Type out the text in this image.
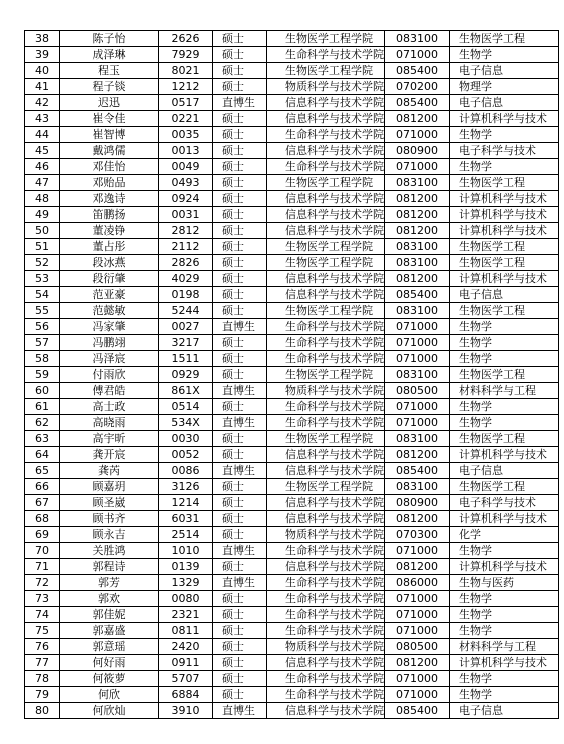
38	陈子怡	2626	硕士	生物医学工程学院	083100	生物医学工程
39	成泽琳	7929	硕士	生命科学与技术学院	071000	生物学
40	程玉	8021	硕士	生物医学工程学院	085400	电子信息
41	程子锬	1212	硕士	物质科学与技术学院	070200	物理学
42	迟迅	0517	直博生	信息科学与技术学院	085400	电子信息
43	崔令佳	0221	硕士	信息科学与技术学院	081200	计算机科学与技术
44	崔智博	0035	硕士	生命科学与技术学院	071000	生物学
45	戴鸿儒	0013	硕士	信息科学与技术学院	080900	电子科学与技术
46	邓佳怡	0049	硕士	生命科学与技术学院	071000	生物学
47	邓贻品	0493	硕士	生物医学工程学院	083100	生物医学工程
48	邓逸诗	0924	硕士	信息科学与技术学院	081200	计算机科学与技术
49	笛鹏扬	0031	硕士	信息科学与技术学院	081200	计算机科学与技术
50	董凌铮	2812	硕士	信息科学与技术学院	081200	计算机科学与技术
51	董占彤	2112	硕士	生物医学工程学院	083100	生物医学工程
52	段冰燕	2826	硕士	生物医学工程学院	083100	生物医学工程
53	段衍肇	4029	硕士	信息科学与技术学院	081200	计算机科学与技术
54	范亚豪	0198	硕士	信息科学与技术学院	085400	电子信息
55	范懿敏	5244	硕士	生物医学工程学院	083100	生物医学工程
56	冯家肇	0027	直博生	生命科学与技术学院	071000	生物学
57	冯鹏翊	3217	硕士	生命科学与技术学院	071000	生物学
58	冯泽宸	1511	硕士	生命科学与技术学院	071000	生物学
59	付雨欣	0929	硕士	生物医学工程学院	083100	生物医学工程
60	傅君皓	861X	直博生	物质科学与技术学院	080500	材料科学与工程
61	高士政	0514	硕士	生命科学与技术学院	071000	生物学
62	高晓雨	534X	直博生	生命科学与技术学院	071000	生物学
63	高宇昕	0030	硕士	生物医学工程学院	083100	生物医学工程
64	龚开宸	0052	硕士	信息科学与技术学院	081200	计算机科学与技术
65	龚芮	0086	直博生	信息科学与技术学院	085400	电子信息
66	顾嘉玥	3126	硕士	生物医学工程学院	083100	生物医学工程
67	顾圣崴	1214	硕士	信息科学与技术学院	080900	电子科学与技术
68	顾书齐	6031	硕士	信息科学与技术学院	081200	计算机科学与技术
69	顾永吉	2514	硕士	物质科学与技术学院	070300	化学
70	关胜鸿	1010	直博生	生命科学与技术学院	071000	生物学
71	郭程诗	0139	硕士	信息科学与技术学院	081200	计算机科学与技术
72	郭芳	1329	直博生	生命科学与技术学院	086000	生物与医药
73	郭欢	0080	硕士	生命科学与技术学院	071000	生物学
74	郭佳妮	2321	硕士	生命科学与技术学院	071000	生物学
75	郭嘉盛	0811	硕士	生命科学与技术学院	071000	生物学
76	郭意瑶	2420	硕士	物质科学与技术学院	080500	材料科学与工程
77	何好雨	0911	硕士	信息科学与技术学院	081200	计算机科学与技术
78	何筱萝	5707	硕士	生命科学与技术学院	071000	生物学
79	何欣	6884	硕士	生命科学与技术学院	071000	生物学
80	何欣灿	3910	直博生	信息科学与技术学院	085400	电子信息
